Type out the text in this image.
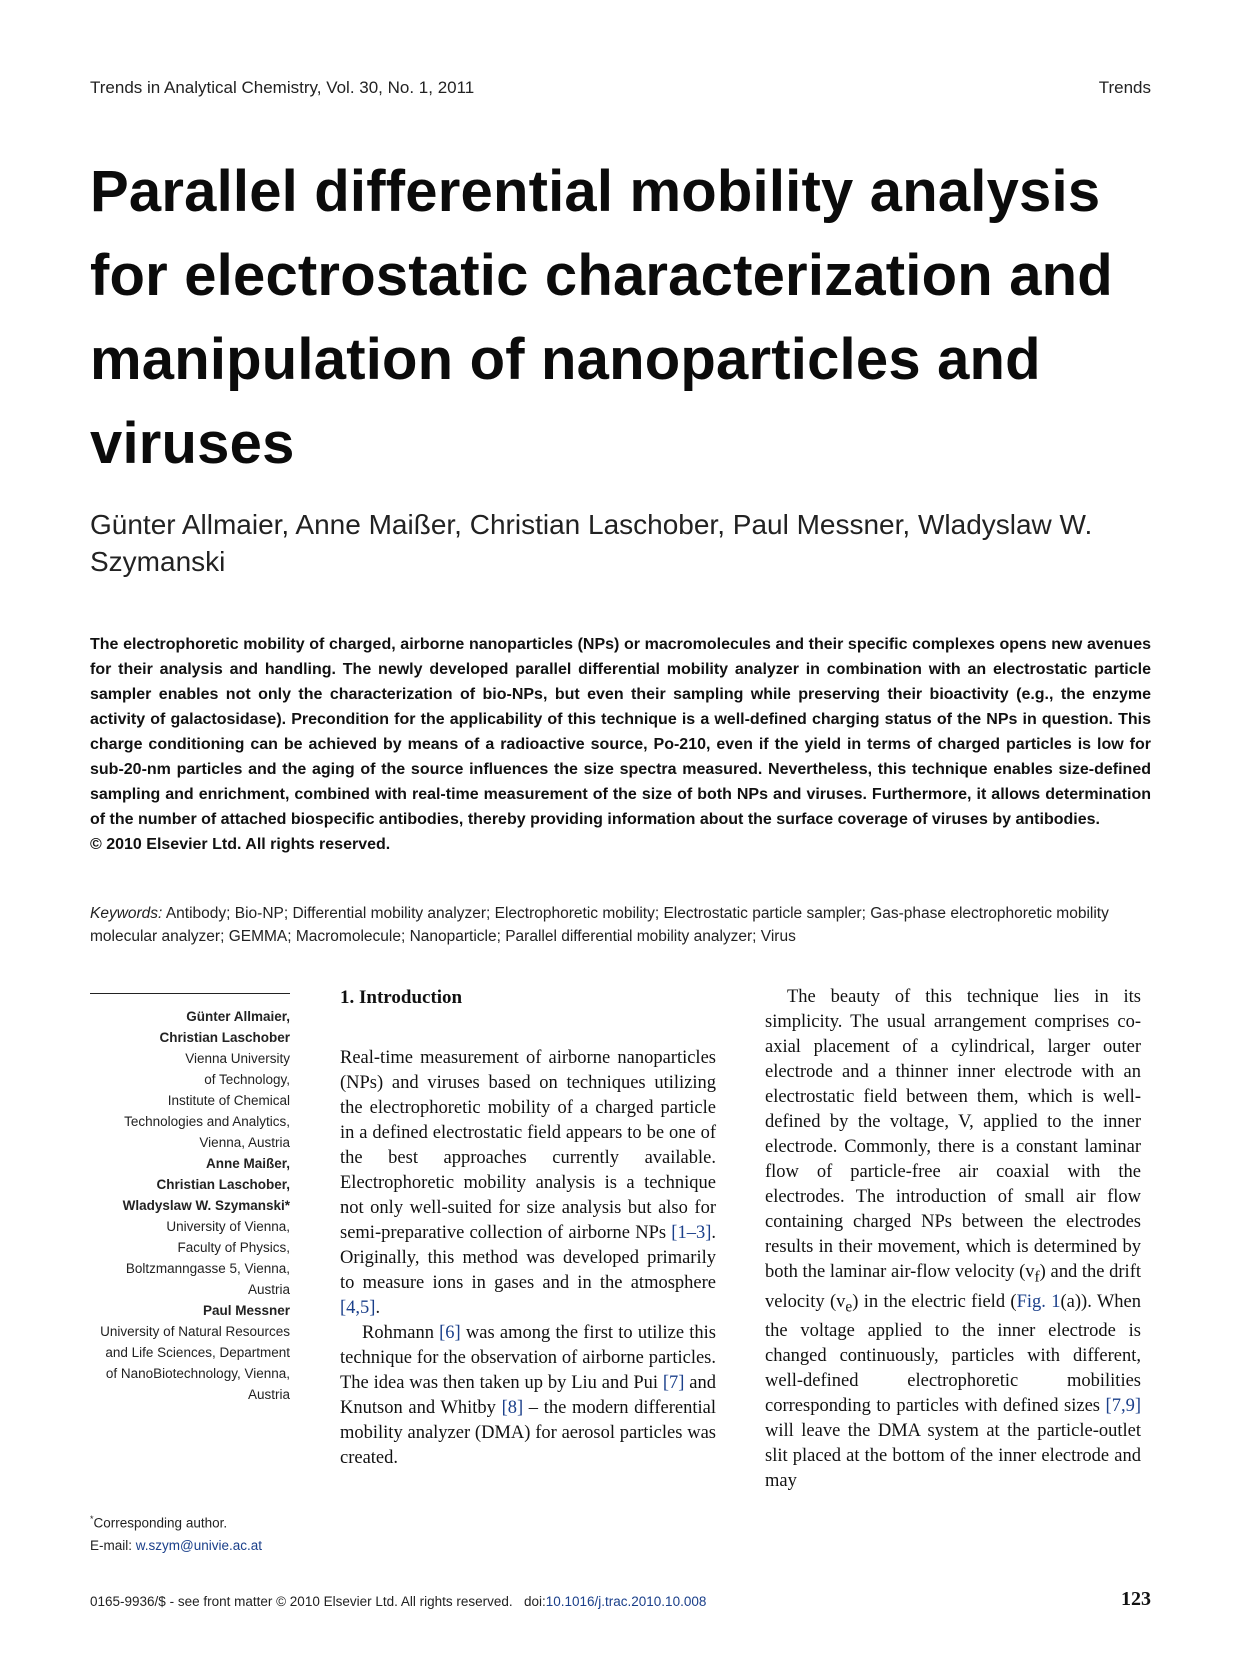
Trends in Analytical Chemistry, Vol. 30, No. 1, 2011	Trends
Parallel differential mobility analysis for electrostatic characterization and manipulation of nanoparticles and viruses
Günter Allmaier, Anne Maißer, Christian Laschober, Paul Messner, Wladyslaw W. Szymanski
The electrophoretic mobility of charged, airborne nanoparticles (NPs) or macromolecules and their specific complexes opens new avenues for their analysis and handling. The newly developed parallel differential mobility analyzer in combination with an electrostatic particle sampler enables not only the characterization of bio-NPs, but even their sampling while preserving their bioactivity (e.g., the enzyme activity of galactosidase). Precondition for the applicability of this technique is a well-defined charging status of the NPs in question. This charge conditioning can be achieved by means of a radioactive source, Po-210, even if the yield in terms of charged particles is low for sub-20-nm particles and the aging of the source influences the size spectra measured. Nevertheless, this technique enables size-defined sampling and enrichment, combined with real-time measurement of the size of both NPs and viruses. Furthermore, it allows determination of the number of attached biospecific antibodies, thereby providing information about the surface coverage of viruses by antibodies.
© 2010 Elsevier Ltd. All rights reserved.
Keywords: Antibody; Bio-NP; Differential mobility analyzer; Electrophoretic mobility; Electrostatic particle sampler; Gas-phase electrophoretic mobility molecular analyzer; GEMMA; Macromolecule; Nanoparticle; Parallel differential mobility analyzer; Virus
Günter Allmaier,
Christian Laschober
Vienna University
of Technology,
Institute of Chemical
Technologies and Analytics,
Vienna, Austria
Anne Maißer,
Christian Laschober,
Wladyslaw W. Szymanski*
University of Vienna,
Faculty of Physics,
Boltzmanngasse 5, Vienna,
Austria
Paul Messner
University of Natural Resources
and Life Sciences, Department
of NanoBiotechnology, Vienna,
Austria
*Corresponding author.
E-mail: w.szym@univie.ac.at
1. Introduction

Real-time measurement of airborne nanoparticles (NPs) and viruses based on techniques utilizing the electrophoretic mobility of a charged particle in a defined electrostatic field appears to be one of the best approaches currently available. Electrophoretic mobility analysis is a technique not only well-suited for size analysis but also for semi-preparative collection of airborne NPs [1–3]. Originally, this method was developed primarily to measure ions in gases and in the atmosphere [4,5].

Rohmann [6] was among the first to utilize this technique for the observation of airborne particles. The idea was then taken up by Liu and Pui [7] and Knutson and Whitby [8] – the modern differential mobility analyzer (DMA) for aerosol particles was created.

The beauty of this technique lies in its simplicity. The usual arrangement comprises co-axial placement of a cylindrical, larger outer electrode and a thinner inner electrode with an electrostatic field between them, which is well-defined by the voltage, V, applied to the inner electrode. Commonly, there is a constant laminar flow of particle-free air coaxial with the electrodes. The introduction of small air flow containing charged NPs between the electrodes results in their movement, which is determined by both the laminar air-flow velocity $(v_f)$ and the drift velocity $(v_e)$ in the electric field (Fig. 1(a)). When the voltage applied to the inner electrode is changed continuously, particles with different, well-defined electrophoretic mobilities corresponding to particles with defined sizes [7,9] will leave the DMA system at the particle-outlet slit placed at the bottom of the inner electrode and may

0165-9936/$ - see front matter © 2010 Elsevier Ltd. All rights reserved. doi:10.1016/j.trac.2010.10.008	123
